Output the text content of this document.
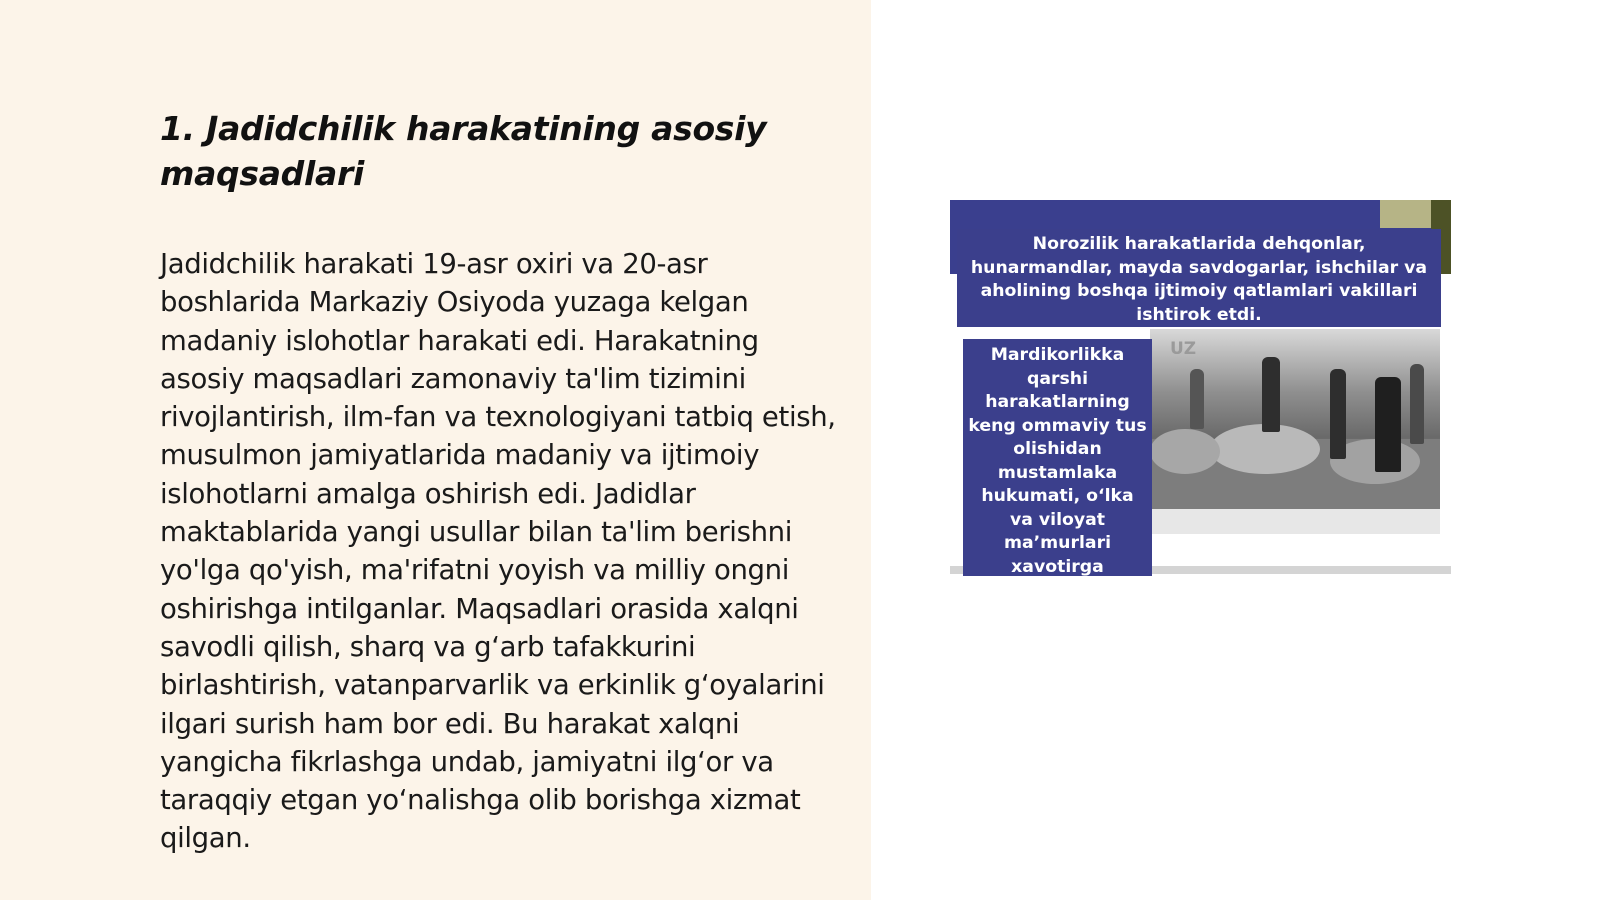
1. Jadidchilik harakatining asosiy maqsadlari

Jadidchilik harakati 19-asr oxiri va 20-asr boshlarida Markaziy Osiyoda yuzaga kelgan madaniy islohotlar harakati edi. Harakatning asosiy maqsadlari zamonaviy ta'lim tizimini rivojlantirish, ilm-fan va texnologiyani tatbiq etish, musulmon jamiyatlarida madaniy va ijtimoiy islohotlarni amalga oshirish edi. Jadidlar maktablarida yangi usullar bilan ta'lim berishni yo'lga qo'yish, ma'rifatni yoyish va milliy ongni oshirishga intilganlar. Maqsadlari orasida xalqni savodli qilish, sharq va g‘arb tafakkurini birlashtirish, vatanparvarlik va erkinlik g‘oyalarini ilgari surish ham bor edi. Bu harakat xalqni yangicha fikrlashga undab, jamiyatni ilg‘or va taraqqiy etgan yo‘nalishga olib borishga xizmat qilgan.

Norozilik harakatlarida dehqonlar, hunarmandlar, mayda savdogarlar, ishchilar va aholining boshqa ijtimoiy qatlamlari vakillari ishtirok etdi.
UZ
Mardikorlikka qarshi harakatlarning keng ommaviy tus olishidan mustamlaka hukumati, o‘lka va viloyat ma’murlari xavotirga
